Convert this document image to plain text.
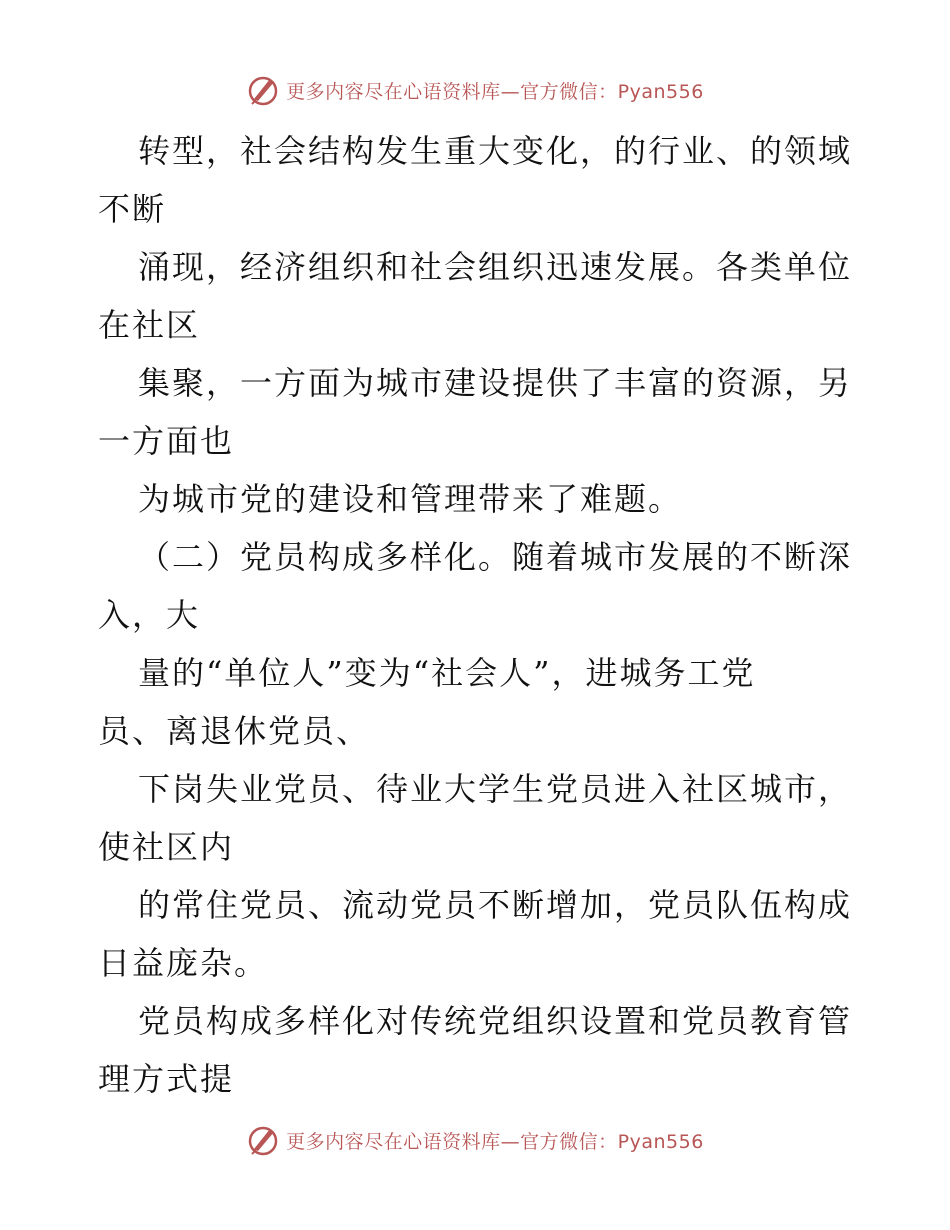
更多内容尽在心语资料库—官方微信：Pyan556
转型，社会结构发生重大变化，的行业、的领域
不断
涌现，经济组织和社会组织迅速发展。各类单位
在社区
集聚，一方面为城市建设提供了丰富的资源，另
一方面也
为城市党的建设和管理带来了难题。
（二）党员构成多样化。随着城市发展的不断深
入，大
量的“单位人”变为“社会人”，进城务工党
员、离退休党员、
下岗失业党员、待业大学生党员进入社区城市，
使社区内
的常住党员、流动党员不断增加，党员队伍构成
日益庞杂。
党员构成多样化对传统党组织设置和党员教育管
理方式提
更多内容尽在心语资料库—官方微信：Pyan556
